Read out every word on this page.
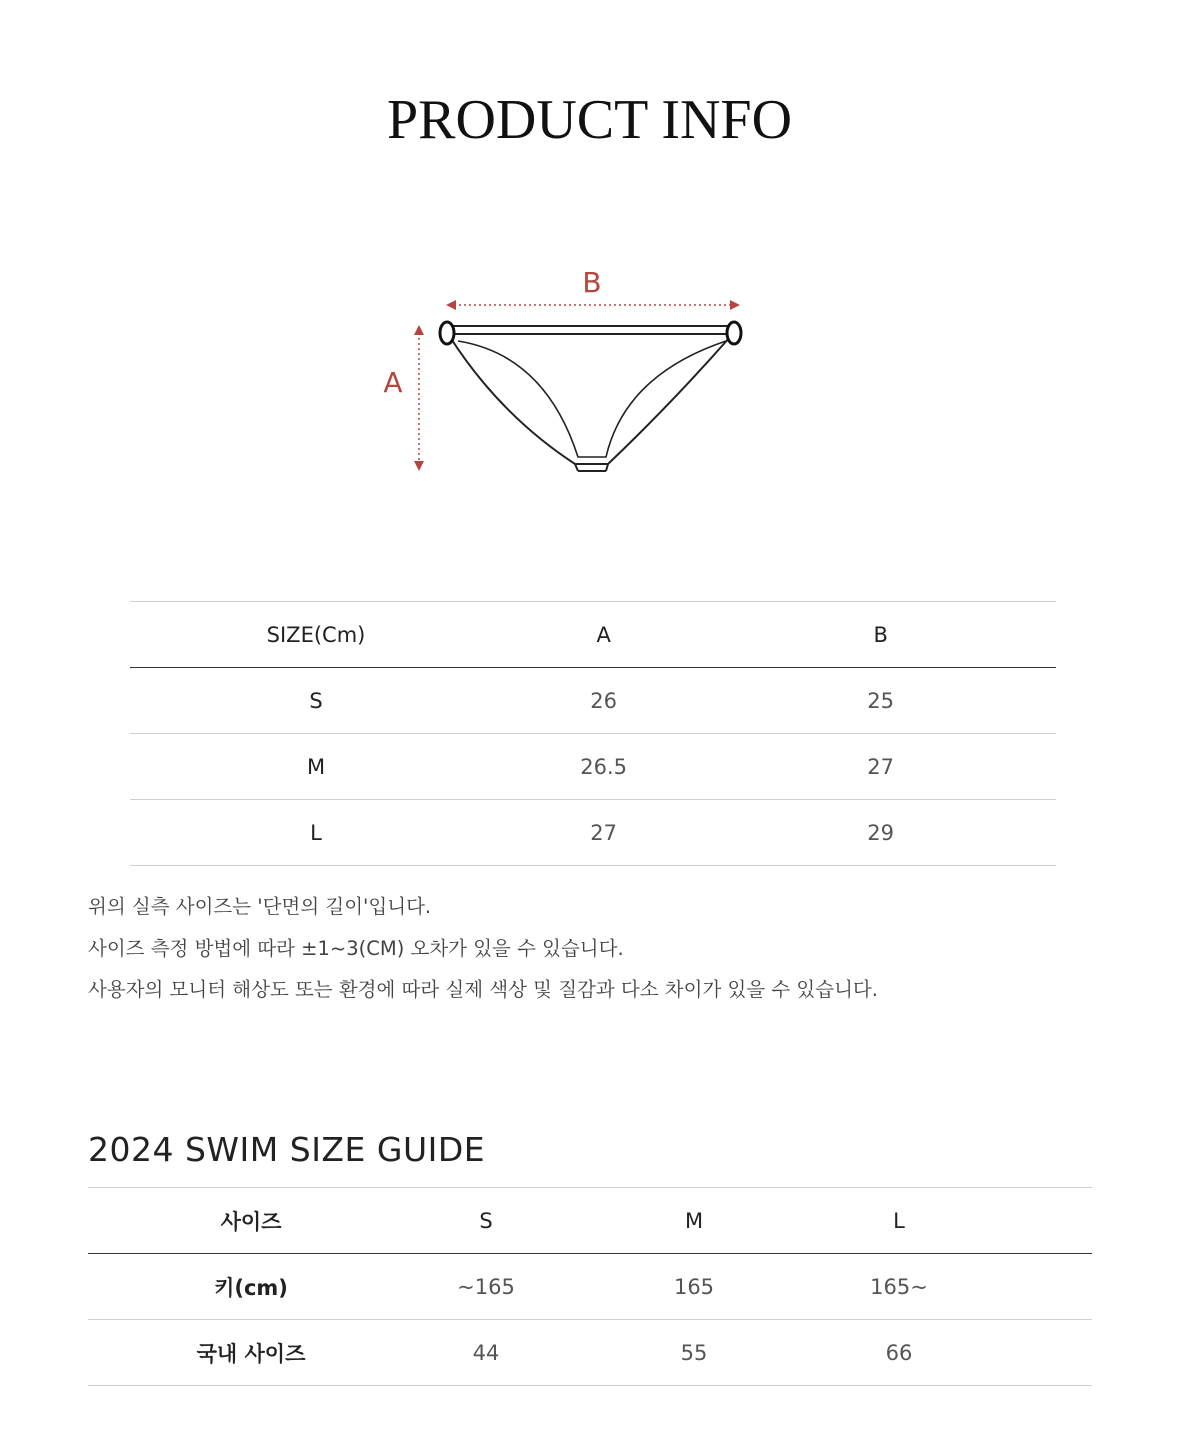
PRODUCT INFO
B
A
SIZE(Cm)	A	B
S	26	25
M	26.5	27
L	27	29
위의 실측 사이즈는 '단면의 길이'입니다.
사이즈 측정 방법에 따라 ±1~3(CM) 오차가 있을 수 있습니다.
사용자의 모니터 해상도 또는 환경에 따라 실제 색상 및 질감과 다소 차이가 있을 수 있습니다.
2024 SWIM SIZE GUIDE
사이즈	S	M	L	
키(cm)	~165	165	165~	
국내 사이즈	44	55	66	
